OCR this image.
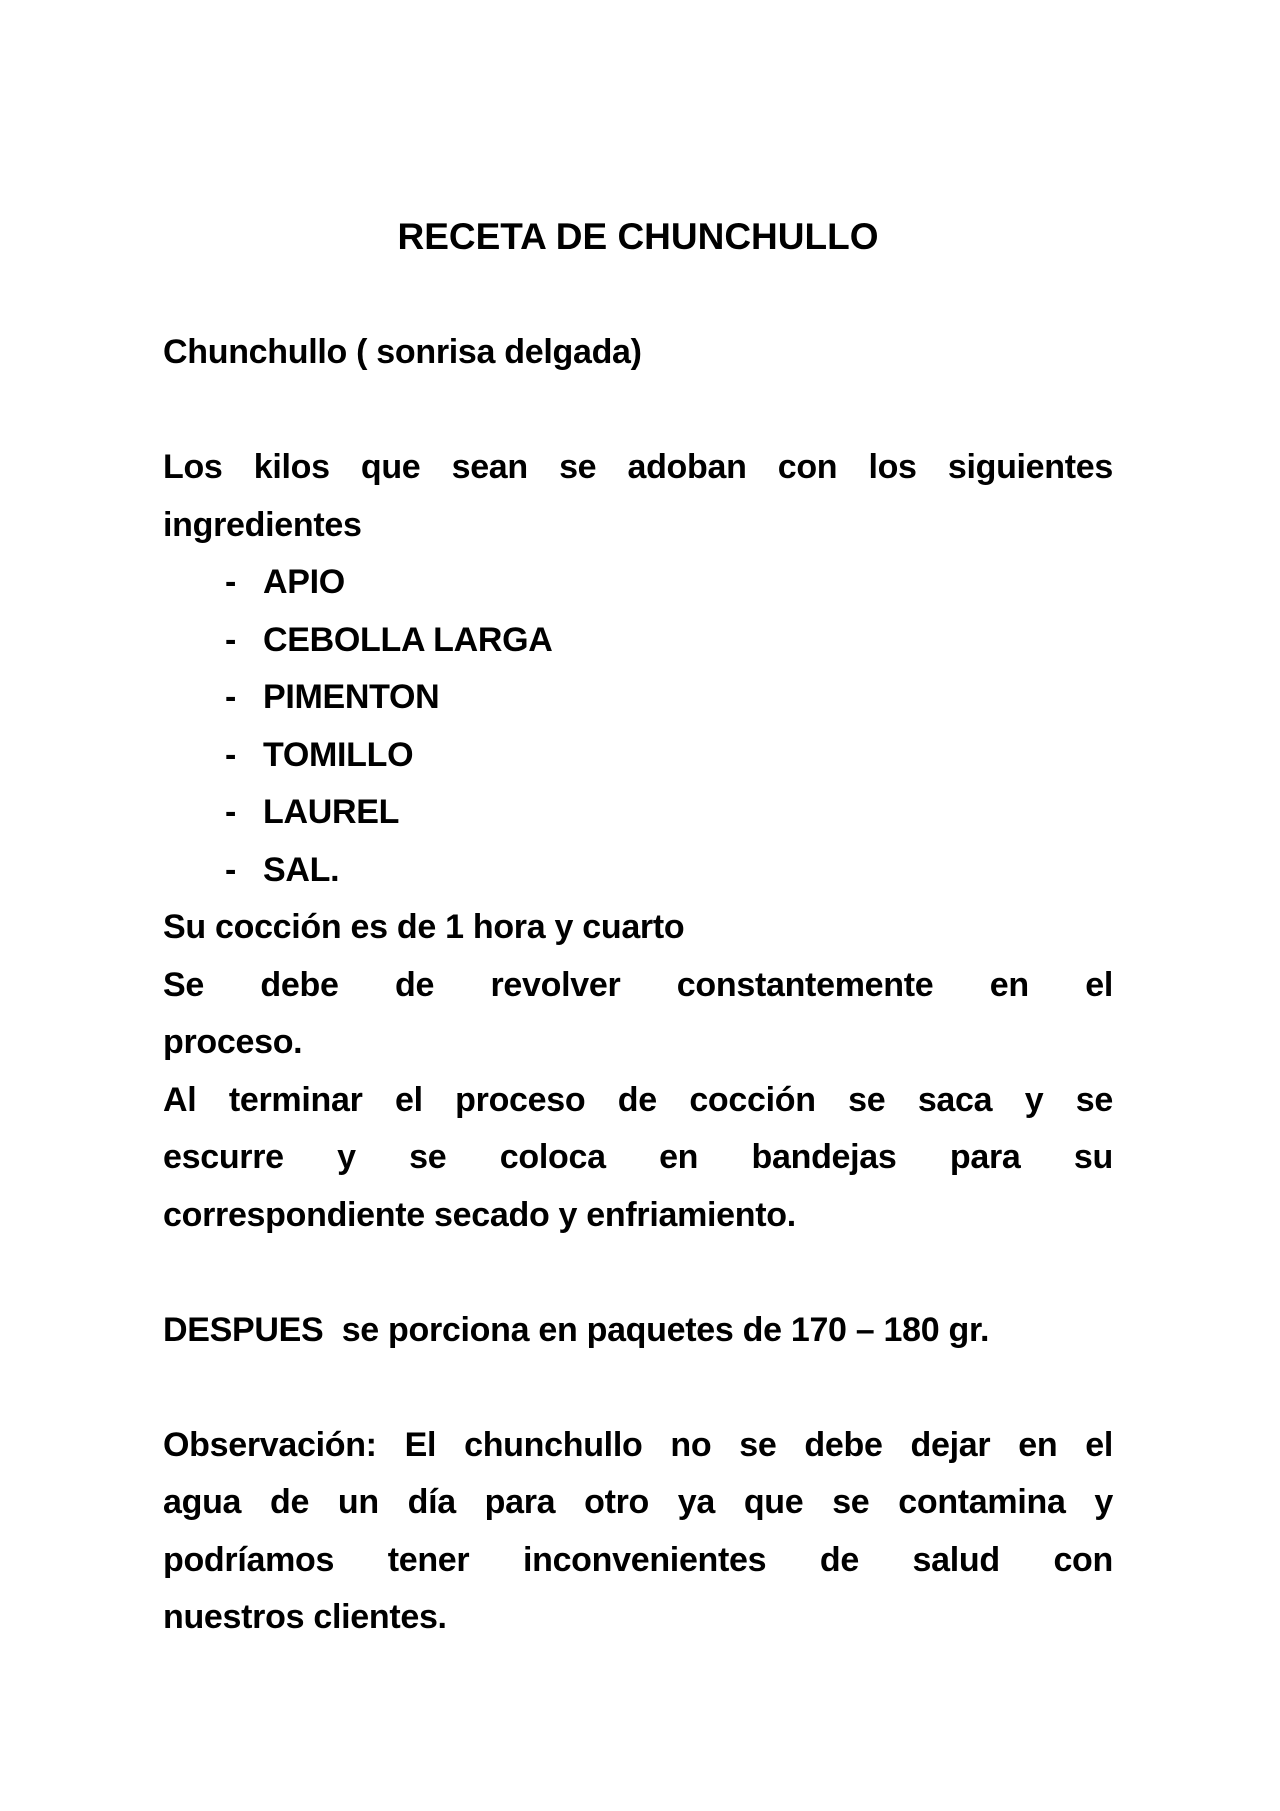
RECETA DE CHUNCHULLO
Chunchullo ( sonrisa delgada)
Los kilos que sean se adoban con los siguientes
ingredientes
- APIO
- CEBOLLA LARGA
- PIMENTON
- TOMILLO
- LAUREL
- SAL.
Su cocción es de 1 hora y cuarto
Se debe de revolver constantemente en el
proceso.
Al terminar el proceso de cocción se saca y se
escurre y se coloca en bandejas para su
correspondiente secado y enfriamiento.
DESPUES  se porciona en paquetes de 170 – 180 gr.
Observación: El chunchullo no se debe dejar en el
agua de un día para otro ya que se contamina y
podríamos tener inconvenientes de salud con
nuestros clientes.
